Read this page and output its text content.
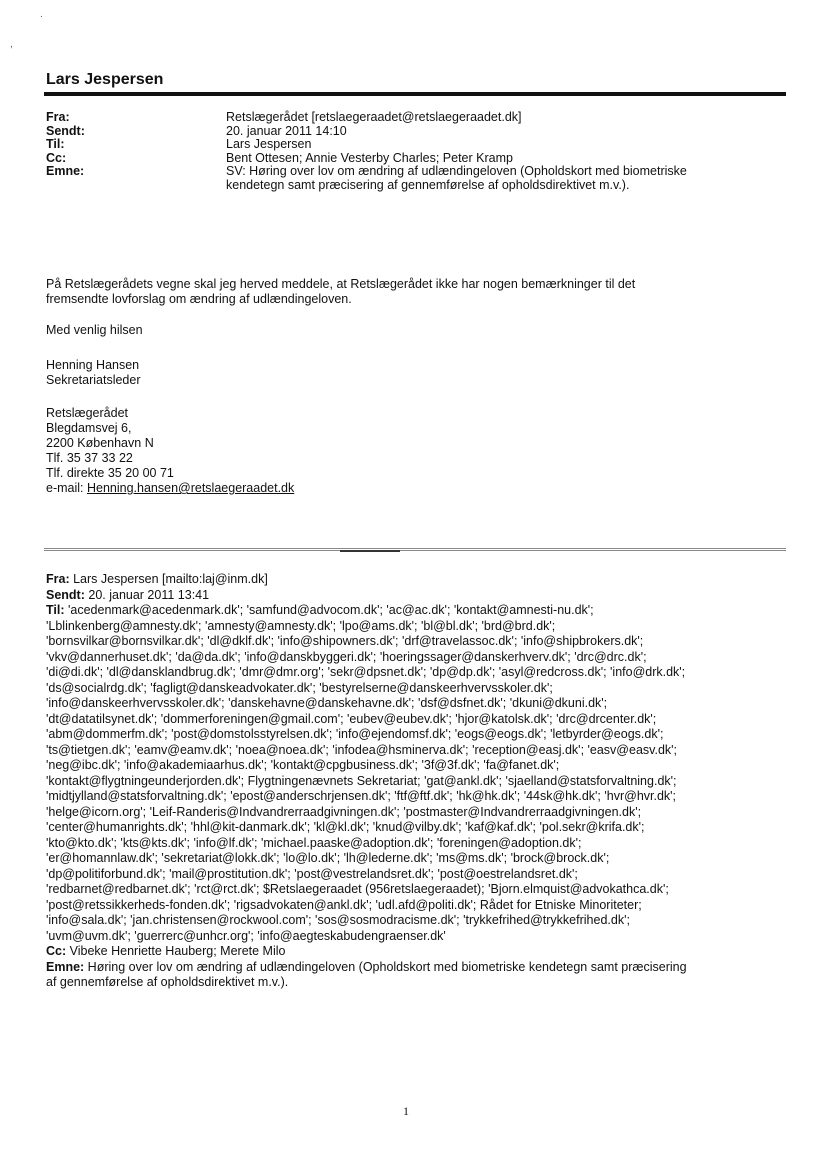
.
,
Lars Jespersen
Fra:	Retslægerådet [retslaegeraadet@retslaegeraadet.dk]
Sendt:	20. januar 2011 14:10
Til:	Lars Jespersen
Cc:	Bent Ottesen; Annie Vesterby Charles; Peter Kramp
Emne:	SV: Høring over lov om ændring af udlændingeloven (Opholdskort med biometriske
kendetegn samt præcisering af gennemførelse af opholdsdirektivet m.v.).
På Retslægerådets vegne skal jeg herved meddele, at Retslægerådet ikke har nogen bemærkninger til det
fremsendte lovforslag om ændring af udlændingeloven.
Med venlig hilsen
Henning Hansen
Sekretariatsleder
Retslægerådet
Blegdamsvej 6,
2200 København N
Tlf. 35 37 33 22
Tlf. direkte 35 20 00 71
e-mail: Henning.hansen@retslaegeraadet.dk
Fra: Lars Jespersen [mailto:laj@inm.dk]
Sendt: 20. januar 2011 13:41
Til: 'acedenmark@acedenmark.dk'; 'samfund@advocom.dk'; 'ac@ac.dk'; 'kontakt@amnesti-nu.dk';
'Lblinkenberg@amnesty.dk'; 'amnesty@amnesty.dk'; 'lpo@ams.dk'; 'bl@bl.dk'; 'brd@brd.dk';
'bornsvilkar@bornsvilkar.dk'; 'dl@dklf.dk'; 'info@shipowners.dk'; 'drf@travelassoc.dk'; 'info@shipbrokers.dk';
'vkv@dannerhuset.dk'; 'da@da.dk'; 'info@danskbyggeri.dk'; 'hoeringssager@danskerhverv.dk'; 'drc@drc.dk';
'di@di.dk'; 'dl@dansklandbrug.dk'; 'dmr@dmr.org'; 'sekr@dpsnet.dk'; 'dp@dp.dk'; 'asyl@redcross.dk'; 'info@drk.dk';
'ds@socialrdg.dk'; 'fagligt@danskeadvokater.dk'; 'bestyrelserne@danskeerhvervsskoler.dk';
'info@danskeerhvervsskoler.dk'; 'danskehavne@danskehavne.dk'; 'dsf@dsfnet.dk'; 'dkuni@dkuni.dk';
'dt@datatilsynet.dk'; 'dommerforeningen@gmail.com'; 'eubev@eubev.dk'; 'hjor@katolsk.dk'; 'drc@drcenter.dk';
'abm@dommerfm.dk'; 'post@domstolsstyrelsen.dk'; 'info@ejendomsf.dk'; 'eogs@eogs.dk'; 'letbyrder@eogs.dk';
'ts@tietgen.dk'; 'eamv@eamv.dk'; 'noea@noea.dk'; 'infodea@hsminerva.dk'; 'reception@easj.dk'; 'easv@easv.dk';
'neg@ibc.dk'; 'info@akademiaarhus.dk'; 'kontakt@cpgbusiness.dk'; '3f@3f.dk'; 'fa@fanet.dk';
'kontakt@flygtningeunderjorden.dk'; Flygtningenævnets Sekretariat; 'gat@ankl.dk'; 'sjaelland@statsforvaltning.dk';
'midtjylland@statsforvaltning.dk'; 'epost@anderschrjensen.dk'; 'ftf@ftf.dk'; 'hk@hk.dk'; '44sk@hk.dk'; 'hvr@hvr.dk';
'helge@icorn.org'; 'Leif-Randeris@Indvandrerraadgivningen.dk'; 'postmaster@Indvandrerraadgivningen.dk';
'center@humanrights.dk'; 'hhl@kit-danmark.dk'; 'kl@kl.dk'; 'knud@vilby.dk'; 'kaf@kaf.dk'; 'pol.sekr@krifa.dk';
'kto@kto.dk'; 'kts@kts.dk'; 'info@lf.dk'; 'michael.paaske@adoption.dk'; 'foreningen@adoption.dk';
'er@homannlaw.dk'; 'sekretariat@lokk.dk'; 'lo@lo.dk'; 'lh@lederne.dk'; 'ms@ms.dk'; 'brock@brock.dk';
'dp@politiforbund.dk'; 'mail@prostitution.dk'; 'post@vestrelandsret.dk'; 'post@oestrelandsret.dk';
'redbarnet@redbarnet.dk'; 'rct@rct.dk'; $Retslaegeraadet (956retslaegeraadet); 'Bjorn.elmquist@advokathca.dk';
'post@retssikkerheds-fonden.dk'; 'rigsadvokaten@ankl.dk'; 'udl.afd@politi.dk'; Rådet for Etniske Minoriteter;
'info@sala.dk'; 'jan.christensen@rockwool.com'; 'sos@sosmodracisme.dk'; 'trykkefrihed@trykkefrihed.dk';
'uvm@uvm.dk'; 'guerrerc@unhcr.org'; 'info@aegteskabudengraenser.dk'
Cc: Vibeke Henriette Hauberg; Merete Milo
Emne: Høring over lov om ændring af udlændingeloven (Opholdskort med biometriske kendetegn samt præcisering
af gennemførelse af opholdsdirektivet m.v.).
1
